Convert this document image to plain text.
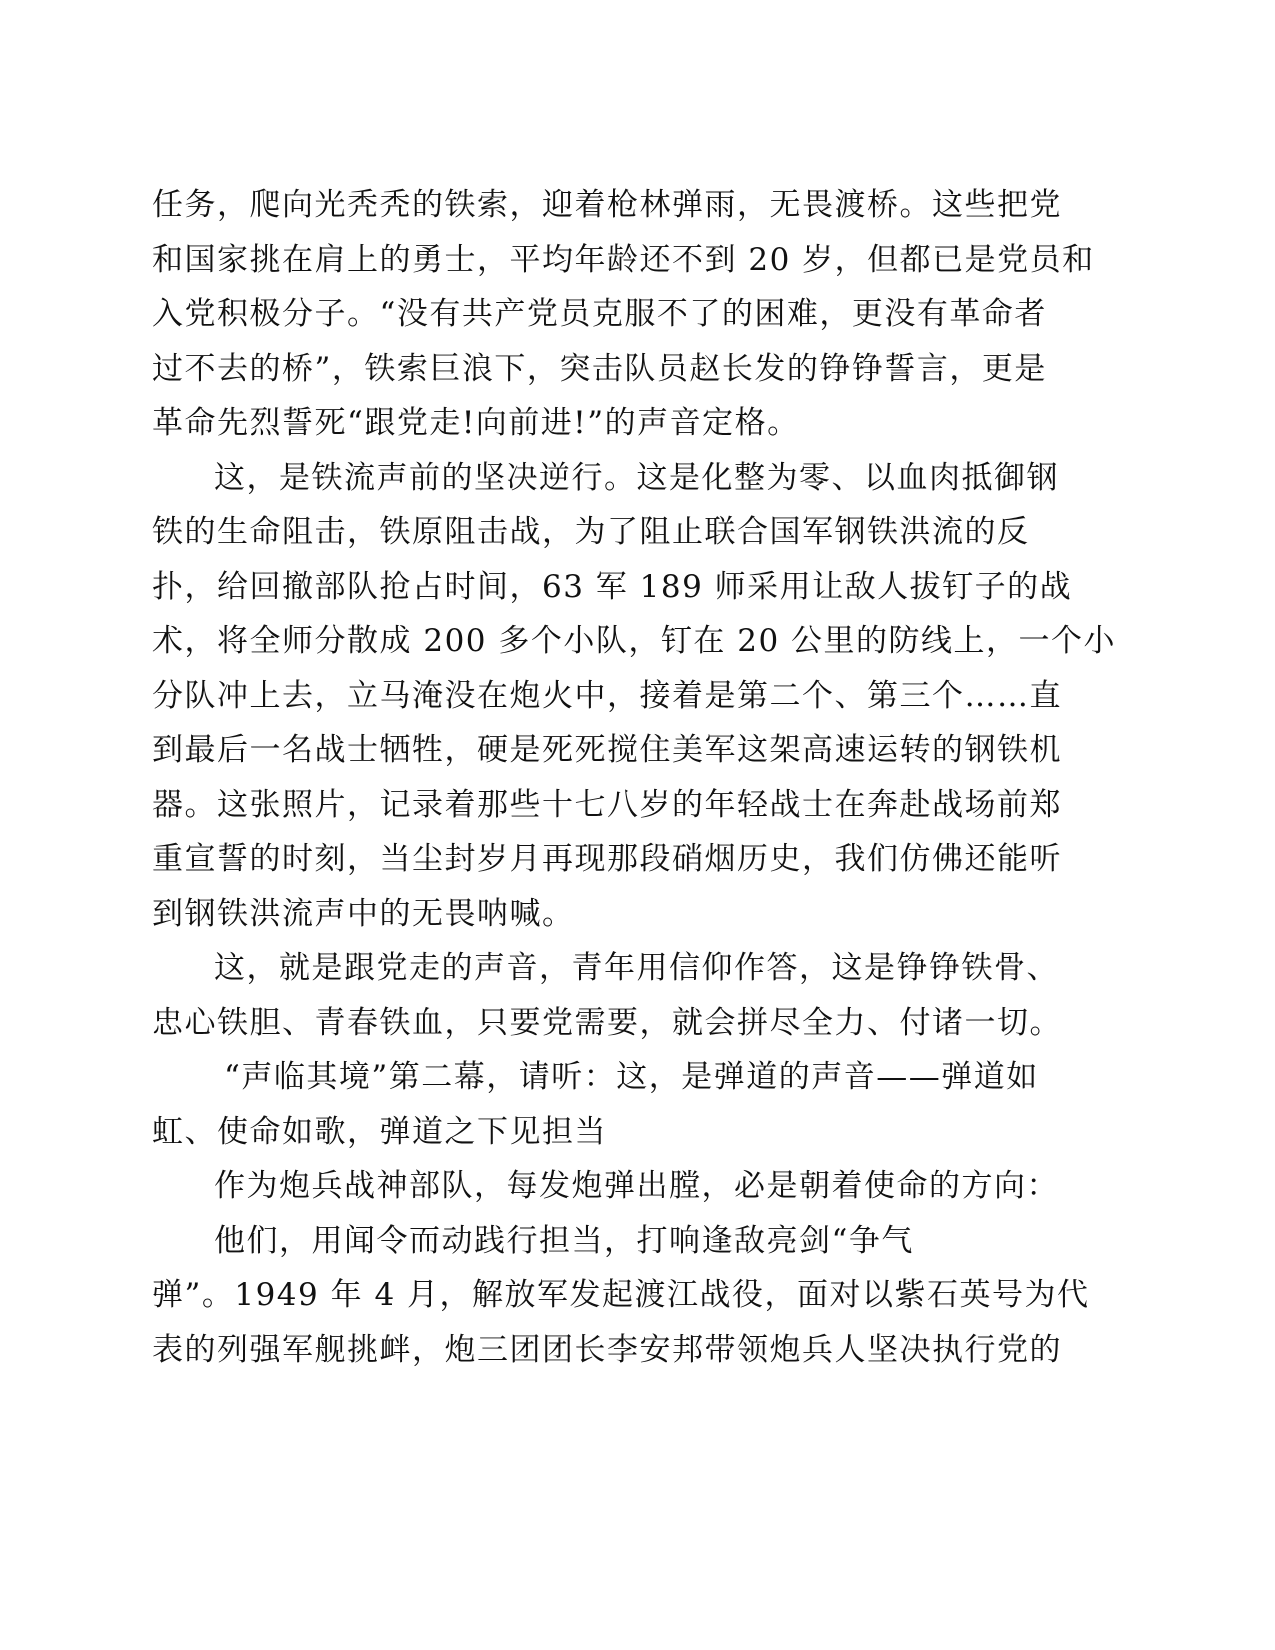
任务，爬向光秃秃的铁索，迎着枪林弹雨，无畏渡桥。这些把党
和国家挑在肩上的勇士，平均年龄还不到 20 岁，但都已是党员和
入党积极分子。“没有共产党员克服不了的困难，更没有革命者
过不去的桥”，铁索巨浪下，突击队员赵长发的铮铮誓言，更是
革命先烈誓死“跟党走!向前进!”的声音定格。
这，是铁流声前的坚决逆行。这是化整为零、以血肉抵御钢
铁的生命阻击，铁原阻击战，为了阻止联合国军钢铁洪流的反
扑，给回撤部队抢占时间，63 军 189 师采用让敌人拔钉子的战
术，将全师分散成 200 多个小队，钉在 20 公里的防线上，一个小
分队冲上去，立马淹没在炮火中，接着是第二个、第三个……直
到最后一名战士牺牲，硬是死死搅住美军这架高速运转的钢铁机
器。这张照片，记录着那些十七八岁的年轻战士在奔赴战场前郑
重宣誓的时刻，当尘封岁月再现那段硝烟历史，我们仿佛还能听
到钢铁洪流声中的无畏呐喊。
这，就是跟党走的声音，青年用信仰作答，这是铮铮铁骨、
忠心铁胆、青春铁血，只要党需要，就会拼尽全力、付诸一切。
“声临其境”第二幕，请听：这，是弹道的声音——弹道如
虹、使命如歌，弹道之下见担当
作为炮兵战神部队，每发炮弹出膛，必是朝着使命的方向：
他们，用闻令而动践行担当，打响逢敌亮剑“争气
弹”。1949 年 4 月，解放军发起渡江战役，面对以紫石英号为代
表的列强军舰挑衅，炮三团团长李安邦带领炮兵人坚决执行党的
